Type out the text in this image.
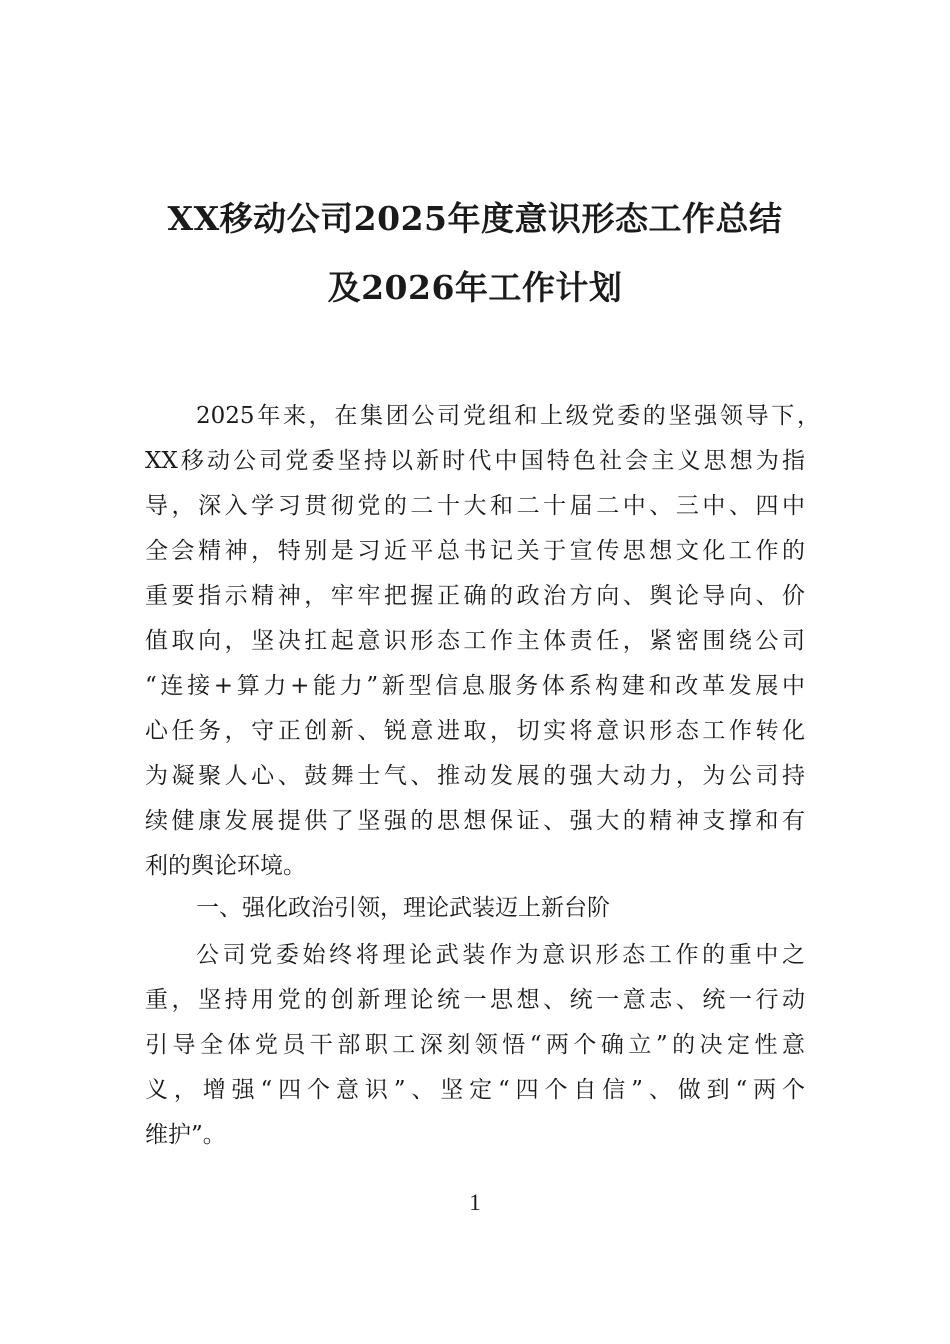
XX移动公司2025年度意识形态工作总结
及2026年工作计划
2025年来，在集团公司党组和上级党委的坚强领导下，
XX移动公司党委坚持以新时代中国特色社会主义思想为指
导，深入学习贯彻党的二十大和二十届二中、三中、四中
全会精神，特别是习近平总书记关于宣传思想文化工作的
重要指示精神，牢牢把握正确的政治方向、舆论导向、价
值取向，坚决扛起意识形态工作主体责任，紧密围绕公司
“连接+算力+能力”新型信息服务体系构建和改革发展中
心任务，守正创新、锐意进取，切实将意识形态工作转化
为凝聚人心、鼓舞士气、推动发展的强大动力，为公司持
续健康发展提供了坚强的思想保证、强大的精神支撑和有
利的舆论环境。
一、强化政治引领，理论武装迈上新台阶
公司党委始终将理论武装作为意识形态工作的重中之
重，坚持用党的创新理论统一思想、统一意志、统一行动
引导全体党员干部职工深刻领悟“两个确立”的决定性意
义，增强“四个意识”、坚定“四个自信”、做到“两个
维护”。
1
